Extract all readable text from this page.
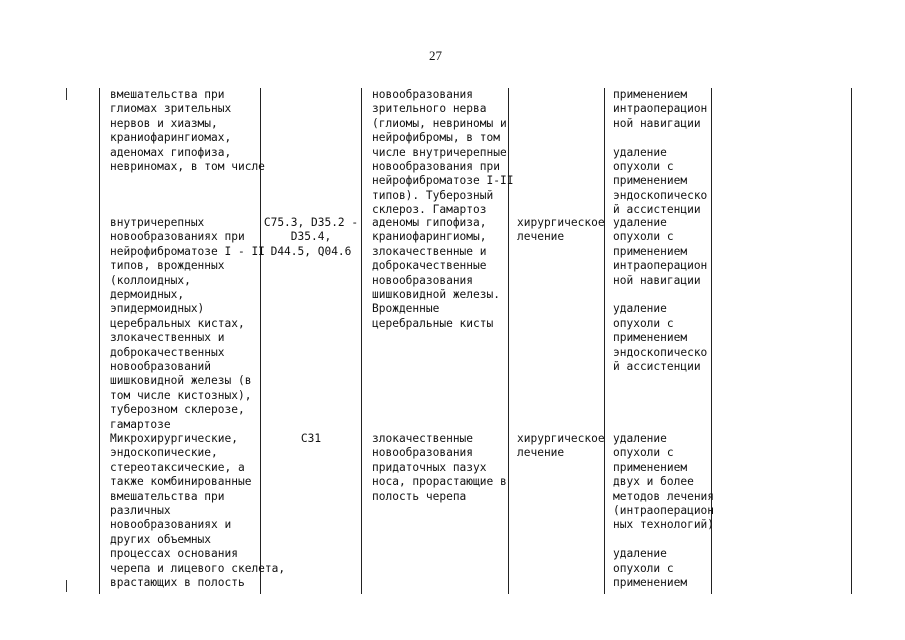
27
вмешательства при
глиомах зрительных
нервов и хиазмы,
краниофарингиомах,
аденомах гипофиза,
невриномах, в том числе
новообразования
зрительного нерва
(глиомы, невриномы и
нейрофибромы, в том
числе внутричерепные
новообразования при
нейрофиброматозе I-II
типов). Туберозный
склероз. Гамартоз
применением
интраоперацион
ной навигации

удаление
опухоли с
применением
эндоскопическо
й ассистенции
внутричерепных
новообразованиях при
нейрофиброматозе I - II
типов, врожденных
(коллоидных,
дермоидных,
эпидермоидных)
церебральных кистах,
злокачественных и
доброкачественных
новообразований
шишковидной железы (в
том числе кистозных),
туберозном склерозе,
гамартозе
C75.3, D35.2 -
D35.4,
D44.5, Q04.6
аденомы гипофиза,
краниофарингиомы,
злокачественные и
доброкачественные
новообразования
шишковидной железы.
Врожденные
церебральные кисты
хирургическое
лечение
удаление
опухоли с
применением
интраоперацион
ной навигации

удаление
опухоли с
применением
эндоскопическо
й ассистенции
Микрохирургические,
эндоскопические,
стереотаксические, а
также комбинированные
вмешательства при
различных
новообразованиях и
других объемных
процессах основания
черепа и лицевого скелета,
врастающих в полость
C31	злокачественные
новообразования
придаточных пазух
носа, прорастающие в
полость черепа
хирургическое
лечение
удаление
опухоли с
применением
двух и более
методов лечения
(интраоперацион
ных технологий)

удаление
опухоли с
применением
